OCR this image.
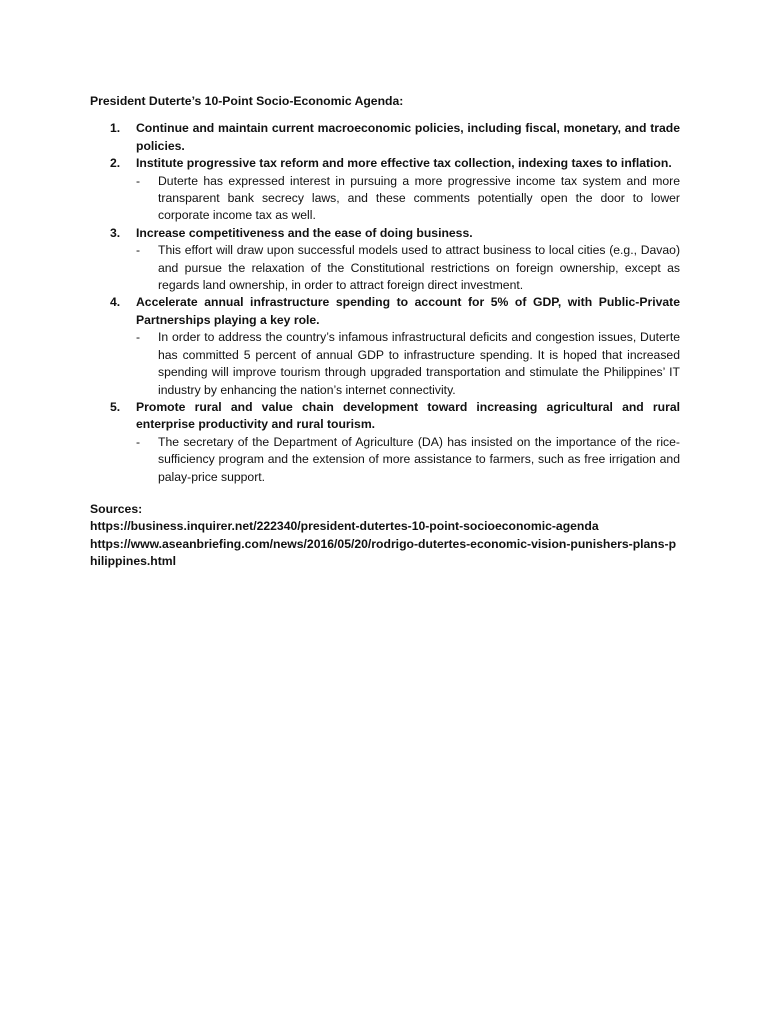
President Duterte’s 10-Point Socio-Economic Agenda:
1. Continue and maintain current macroeconomic policies, including fiscal, monetary, and trade policies.
2. Institute progressive tax reform and more effective tax collection, indexing taxes to inflation.
- Duterte has expressed interest in pursuing a more progressive income tax system and more transparent bank secrecy laws, and these comments potentially open the door to lower corporate income tax as well.
3. Increase competitiveness and the ease of doing business.
- This effort will draw upon successful models used to attract business to local cities (e.g., Davao) and pursue the relaxation of the Constitutional restrictions on foreign ownership, except as regards land ownership, in order to attract foreign direct investment.
4. Accelerate annual infrastructure spending to account for 5% of GDP, with Public-Private Partnerships playing a key role.
- In order to address the country’s infamous infrastructural deficits and congestion issues, Duterte has committed 5 percent of annual GDP to infrastructure spending. It is hoped that increased spending will improve tourism through upgraded transportation and stimulate the Philippines’ IT industry by enhancing the nation’s internet connectivity.
5. Promote rural and value chain development toward increasing agricultural and rural enterprise productivity and rural tourism.
- The secretary of the Department of Agriculture (DA) has insisted on the importance of the rice-sufficiency program and the extension of more assistance to farmers, such as free irrigation and palay-price support.
Sources:
https://business.inquirer.net/222340/president-dutertes-10-point-socioeconomic-agenda
https://www.aseanbriefing.com/news/2016/05/20/rodrigo-dutertes-economic-vision-punishers-plans-philippines.html
